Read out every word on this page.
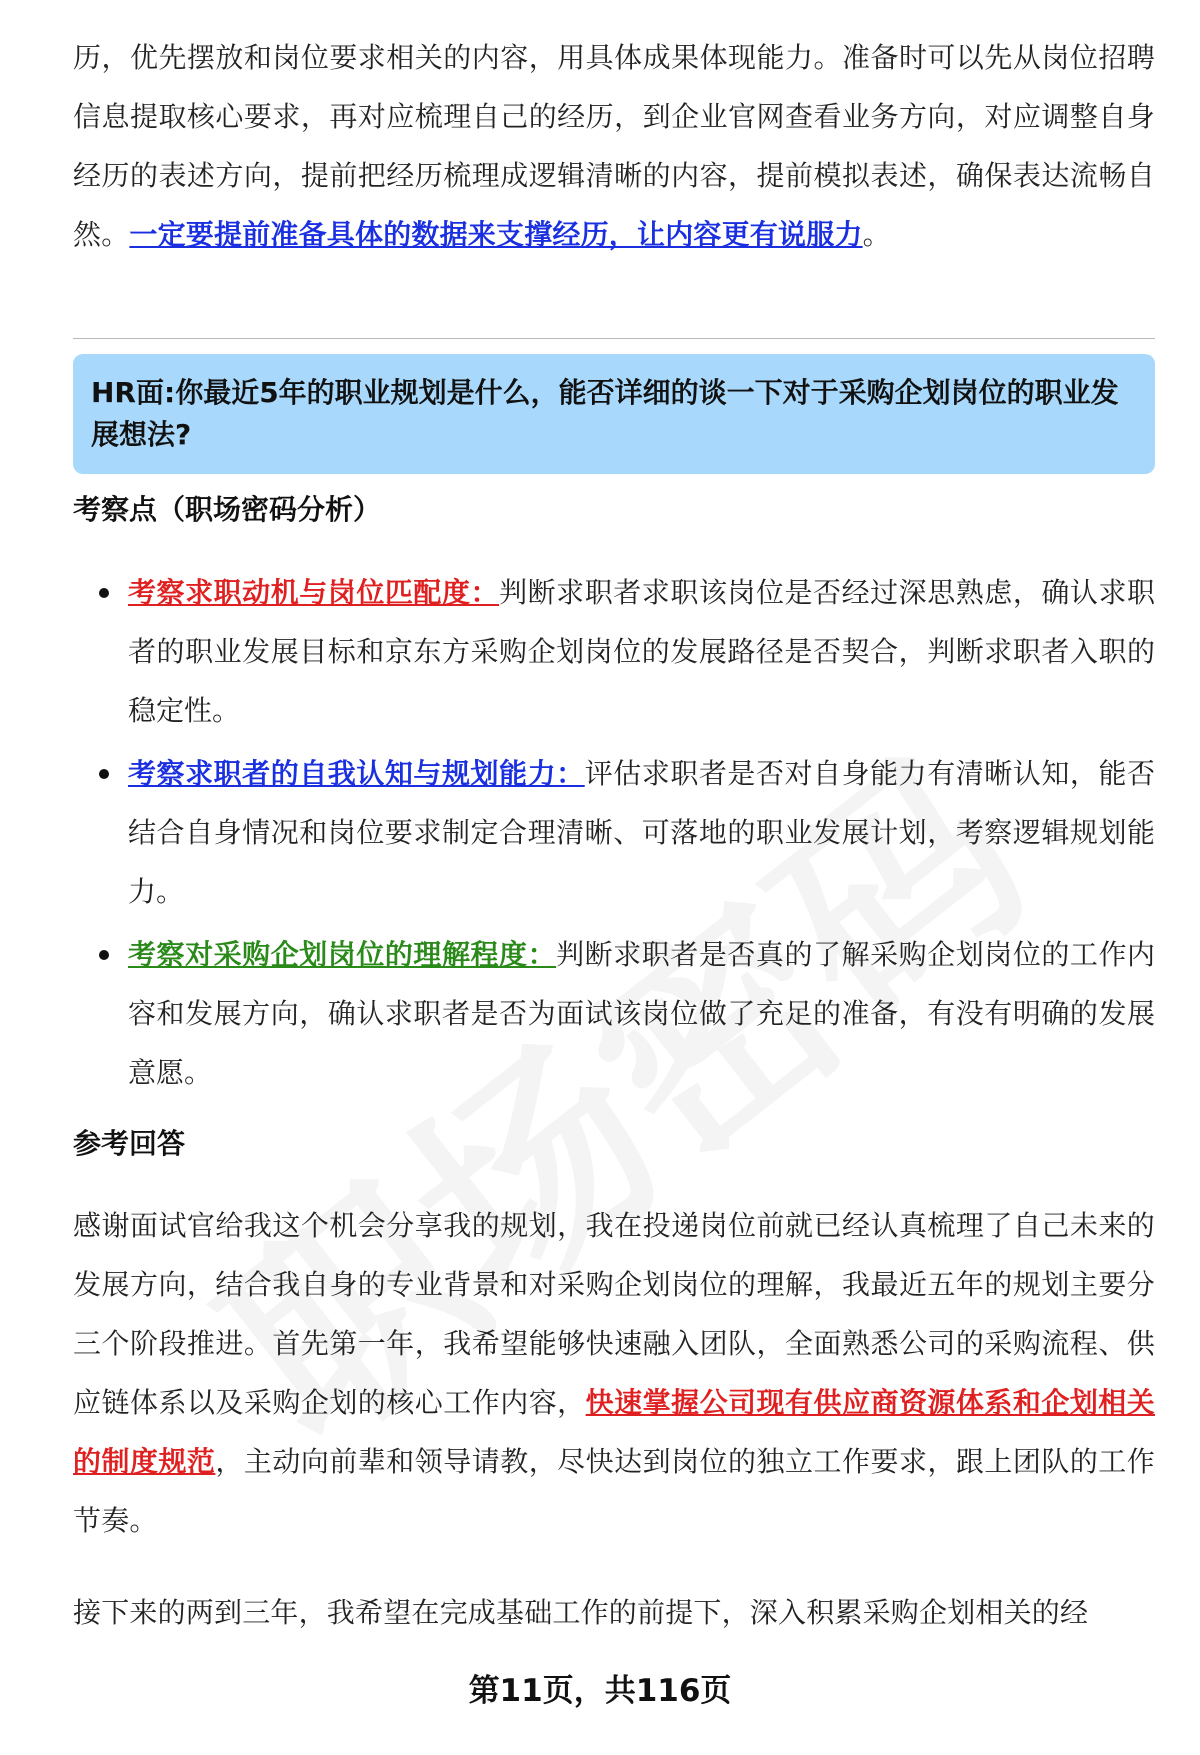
历，优先摆放和岗位要求相关的内容，用具体成果体现能力。准备时可以先从岗位招聘信息提取核心要求，再对应梳理自己的经历，到企业官网查看业务方向，对应调整自身经历的表述方向，提前把经历梳理成逻辑清晰的内容，提前模拟表述，确保表达流畅自然。一定要提前准备具体的数据来支撑经历，让内容更有说服力。

HR面:你最近5年的职业规划是什么，能否详细的谈一下对于采购企划岗位的职业发展想法?

考察点（职场密码分析）

考察求职动机与岗位匹配度：判断求职者求职该岗位是否经过深思熟虑，确认求职者的职业发展目标和京东方采购企划岗位的发展路径是否契合，判断求职者入职的稳定性。
考察求职者的自我认知与规划能力：评估求职者是否对自身能力有清晰认知，能否结合自身情况和岗位要求制定合理清晰、可落地的职业发展计划，考察逻辑规划能力。
考察对采购企划岗位的理解程度：判断求职者是否真的了解采购企划岗位的工作内容和发展方向，确认求职者是否为面试该岗位做了充足的准备，有没有明确的发展意愿。

参考回答

感谢面试官给我这个机会分享我的规划，我在投递岗位前就已经认真梳理了自己未来的发展方向，结合我自身的专业背景和对采购企划岗位的理解，我最近五年的规划主要分三个阶段推进。首先第一年，我希望能够快速融入团队，全面熟悉公司的采购流程、供应链体系以及采购企划的核心工作内容，快速掌握公司现有供应商资源体系和企划相关的制度规范，主动向前辈和领导请教，尽快达到岗位的独立工作要求，跟上团队的工作节奏。

接下来的两到三年，我希望在完成基础工作的前提下，深入积累采购企划相关的经

第11页，共116页
